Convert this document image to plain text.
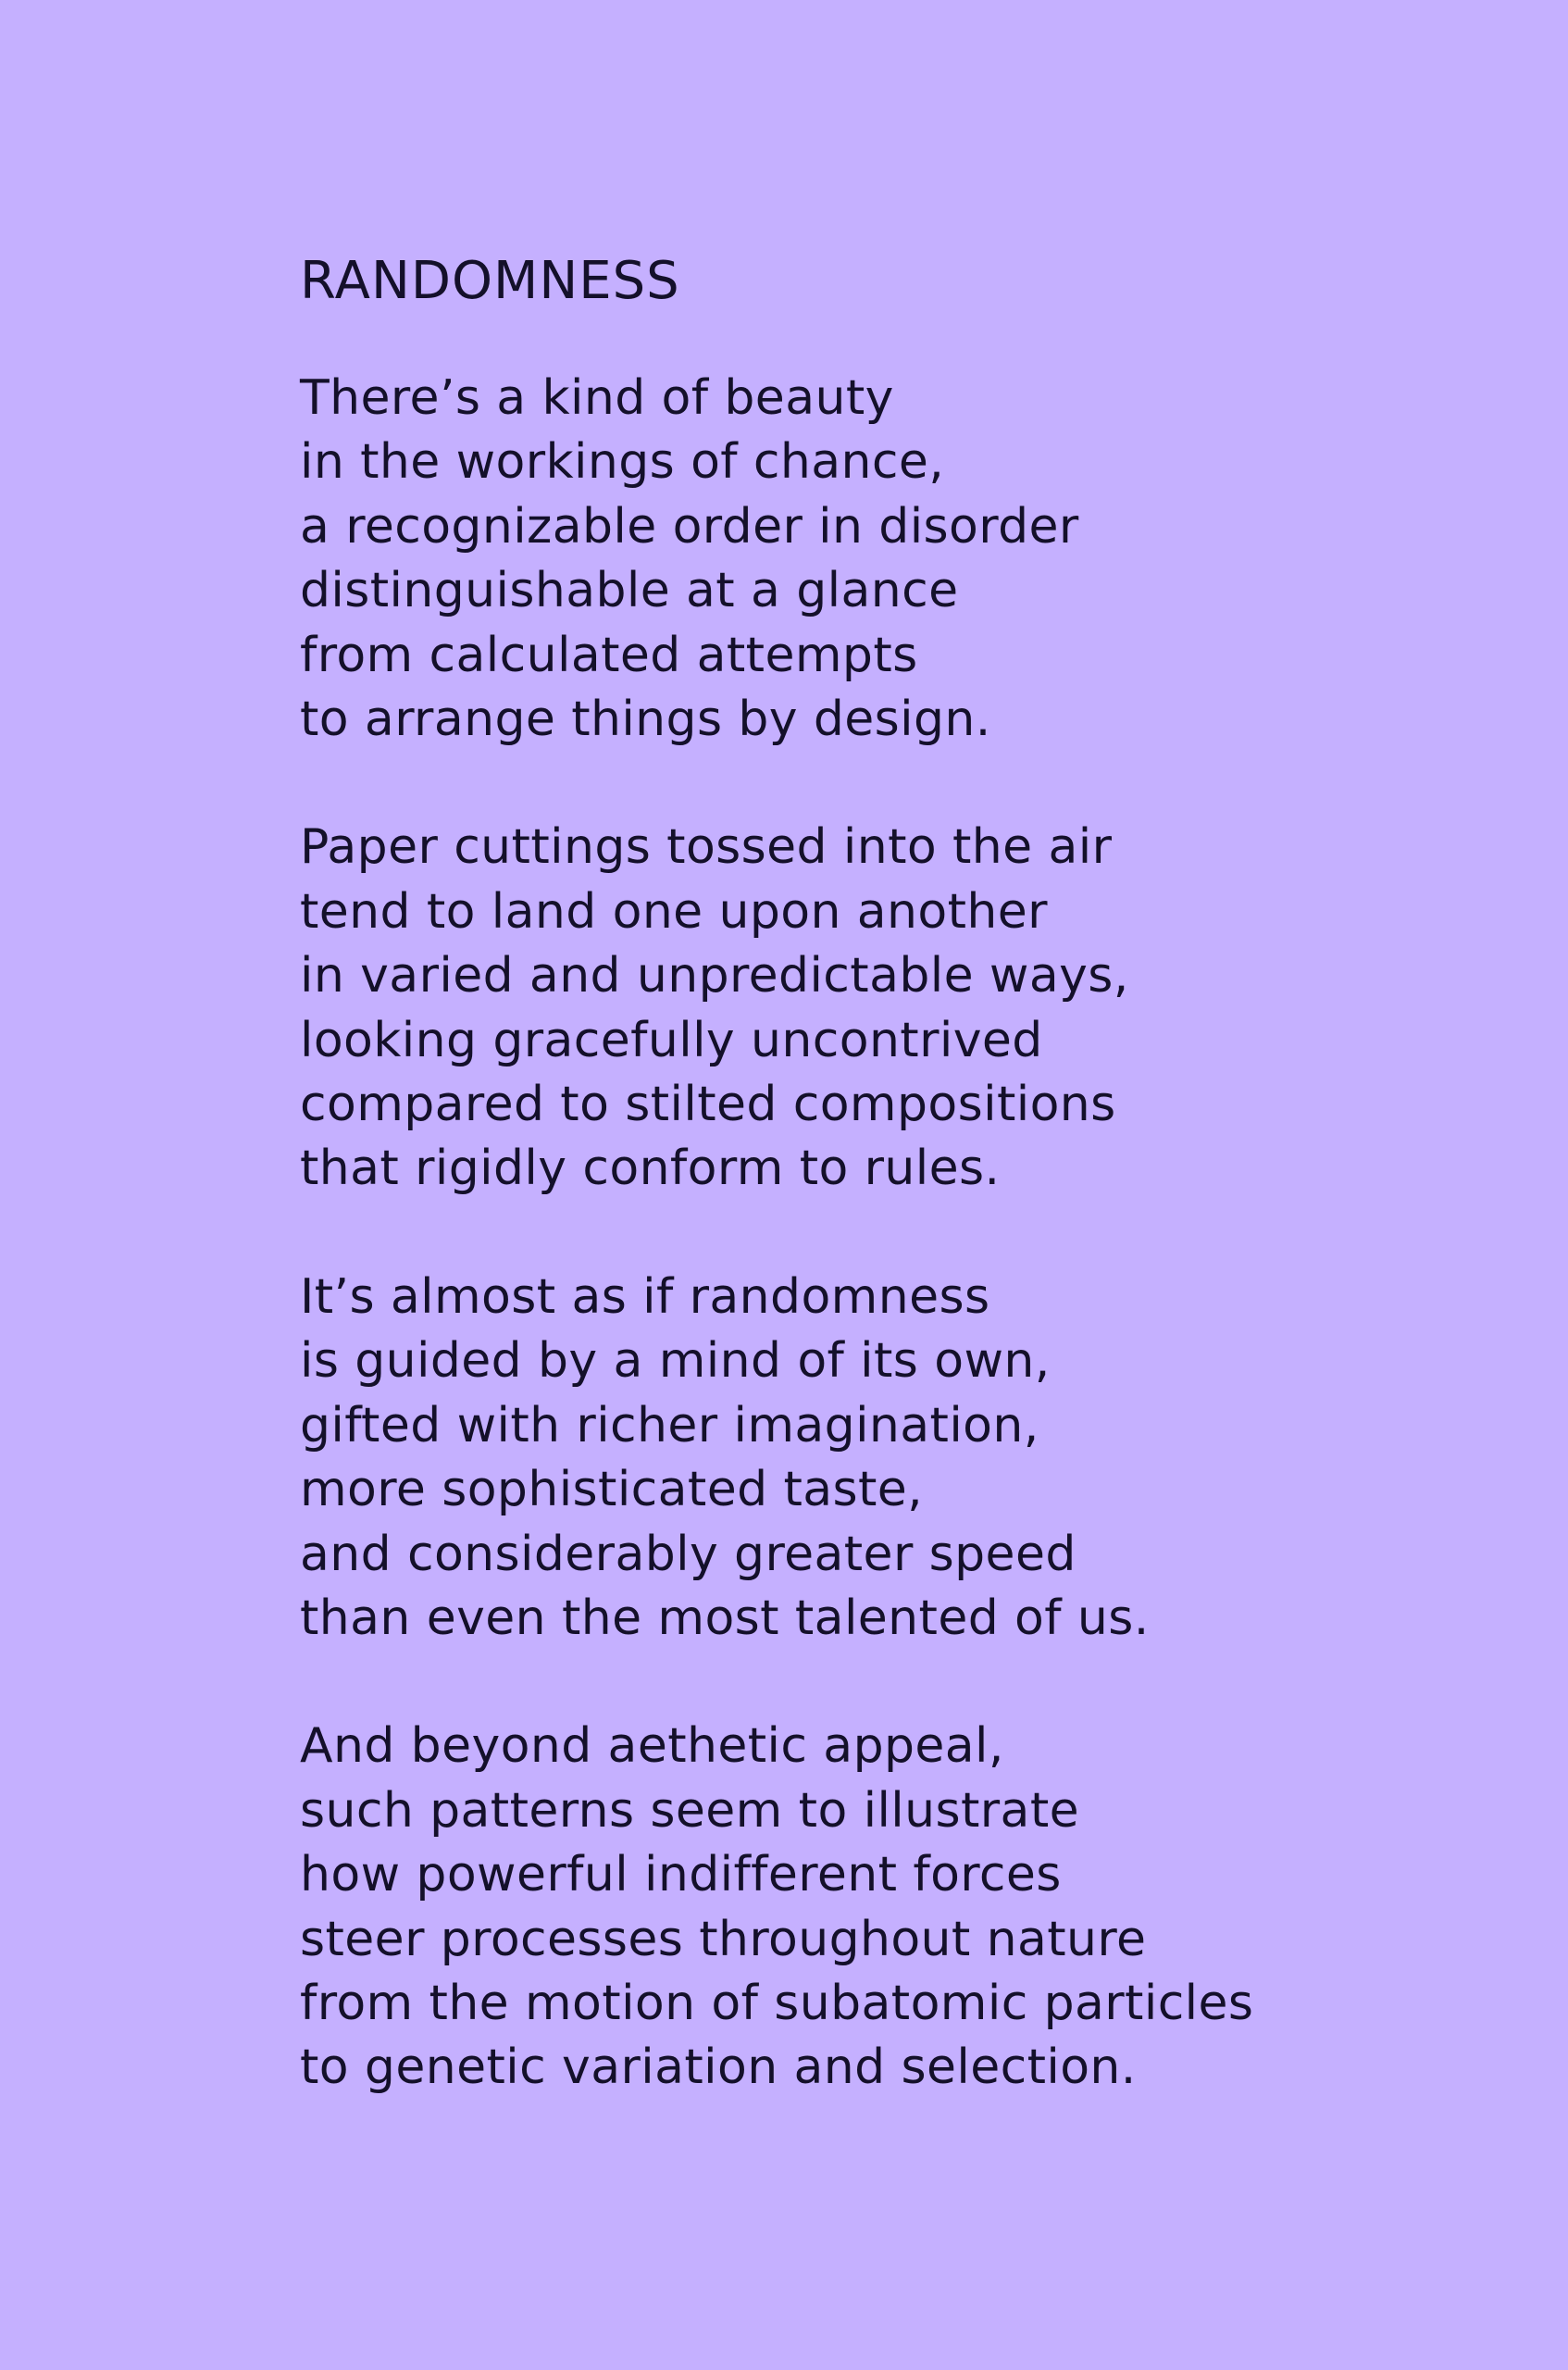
RANDOMNESS
There’s a kind of beauty
in the workings of chance,
a recognizable order in disorder
distinguishable at a glance
from calculated attempts
to arrange things by design.
Paper cuttings tossed into the air
tend to land one upon another
in varied and unpredictable ways,
looking gracefully uncontrived
compared to stilted compositions
that rigidly conform to rules.
It’s almost as if randomness
is guided by a mind of its own,
gifted with richer imagination,
more sophisticated taste,
and considerably greater speed
than even the most talented of us.
And beyond aethetic appeal,
such patterns seem to illustrate
how powerful indifferent forces
steer processes throughout nature
from the motion of subatomic particles
to genetic variation and selection.
